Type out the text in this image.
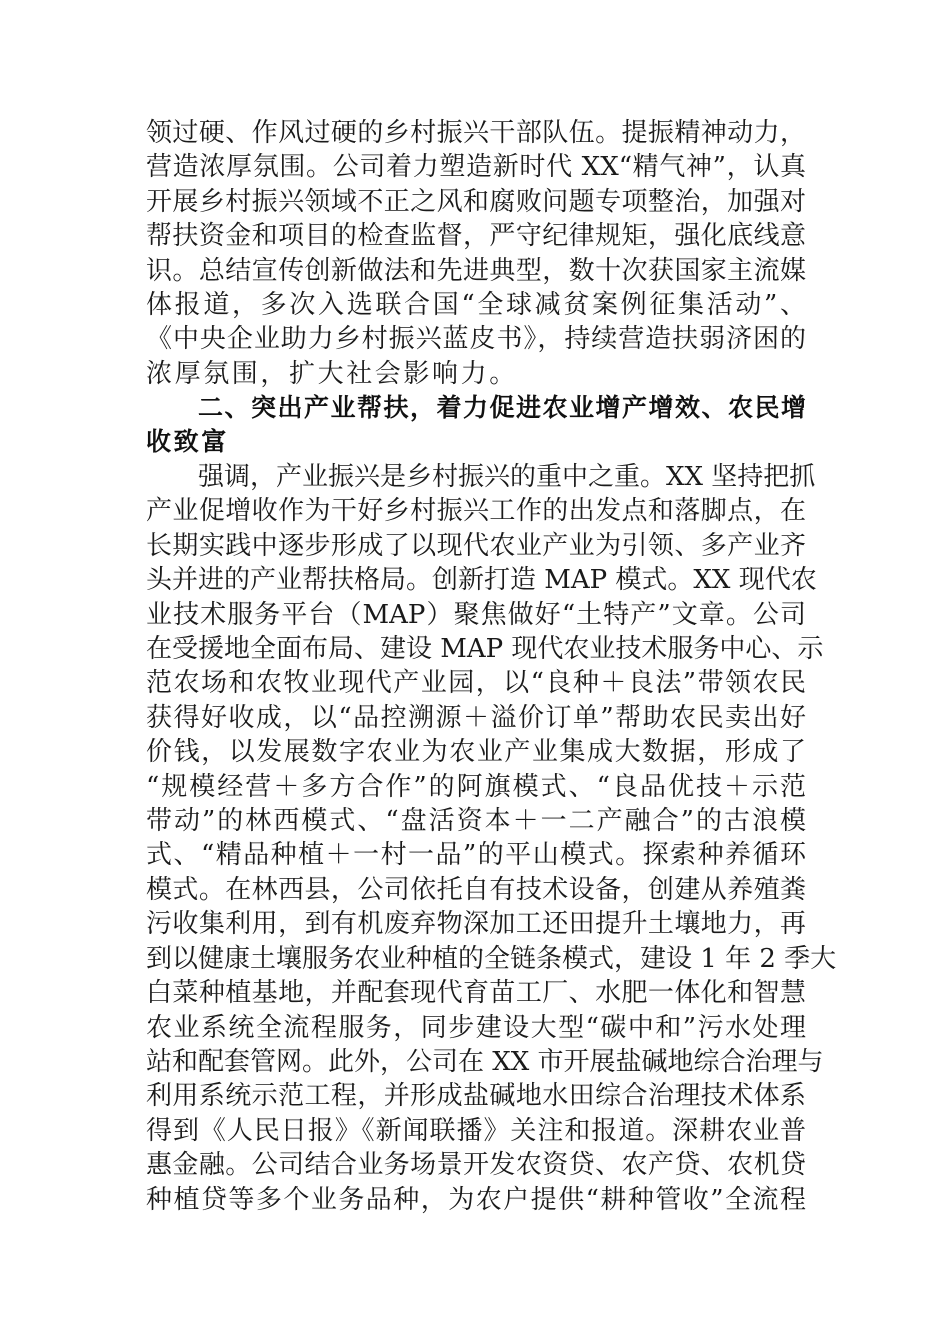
领过硬、作风过硬的乡村振兴干部队伍。提振精神动力，
营造浓厚氛围。公司着力塑造新时代 XX“精气神”，认真
开展乡村振兴领域不正之风和腐败问题专项整治，加强对
帮扶资金和项目的检查监督，严守纪律规矩，强化底线意
识。总结宣传创新做法和先进典型，数十次获国家主流媒
体报道，多次入选联合国“全球减贫案例征集活动”、
《中央企业助力乡村振兴蓝皮书》，持续营造扶弱济困的
浓厚氛围，扩大社会影响力。
二、突出产业帮扶，着力促进农业增产增效、农民增
收致富
强调，产业振兴是乡村振兴的重中之重。XX 坚持把抓
产业促增收作为干好乡村振兴工作的出发点和落脚点，在
长期实践中逐步形成了以现代农业产业为引领、多产业齐
头并进的产业帮扶格局。创新打造 MAP 模式。XX 现代农
业技术服务平台（MAP）聚焦做好“土特产”文章。公司
在受援地全面布局、建设 MAP 现代农业技术服务中心、示
范农场和农牧业现代产业园，以“良种＋良法”带领农民
获得好收成，以“品控溯源＋溢价订单”帮助农民卖出好
价钱，以发展数字农业为农业产业集成大数据，形成了
“规模经营＋多方合作”的阿旗模式、“良品优技＋示范
带动”的林西模式、“盘活资本＋一二产融合”的古浪模
式、“精品种植＋一村一品”的平山模式。探索种养循环
模式。在林西县，公司依托自有技术设备，创建从养殖粪
污收集利用，到有机废弃物深加工还田提升土壤地力，再
到以健康土壤服务农业种植的全链条模式，建设 1 年 2 季大
白菜种植基地，并配套现代育苗工厂、水肥一体化和智慧
农业系统全流程服务，同步建设大型“碳中和”污水处理
站和配套管网。此外，公司在 XX 市开展盐碱地综合治理与
利用系统示范工程，并形成盐碱地水田综合治理技术体系
得到《人民日报》《新闻联播》关注和报道。深耕农业普
惠金融。公司结合业务场景开发农资贷、农产贷、农机贷
种植贷等多个业务品种，为农户提供“耕种管收”全流程
